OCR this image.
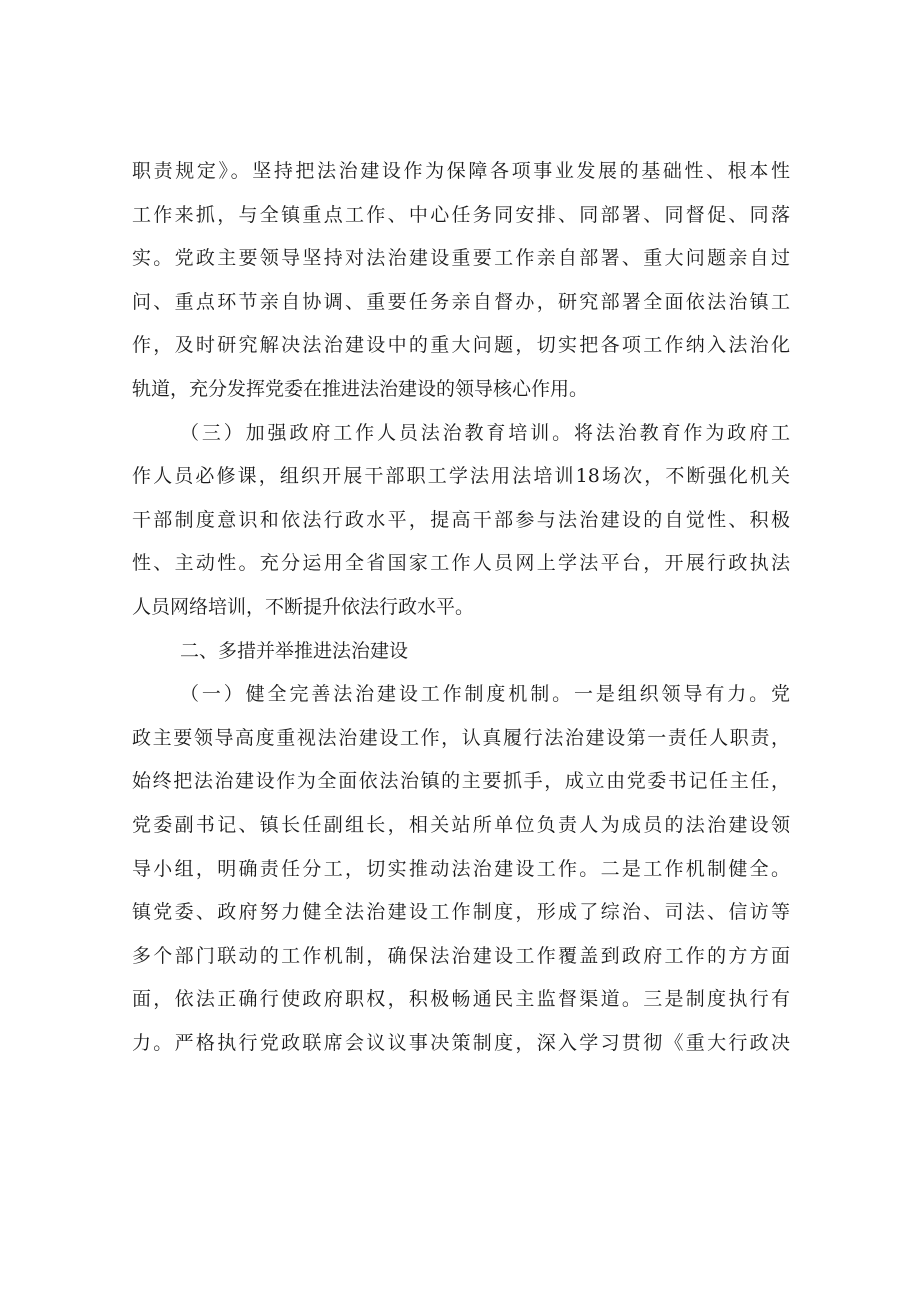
职责规定》。坚持把法治建设作为保障各项事业发展的基础性、根本性
工作来抓，与全镇重点工作、中心任务同安排、同部署、同督促、同落
实。党政主要领导坚持对法治建设重要工作亲自部署、重大问题亲自过
问、重点环节亲自协调、重要任务亲自督办，研究部署全面依法治镇工
作，及时研究解决法治建设中的重大问题，切实把各项工作纳入法治化
轨道，充分发挥党委在推进法治建设的领导核心作用。
（三）加强政府工作人员法治教育培训。将法治教育作为政府工
作人员必修课，组织开展干部职工学法用法培训18场次，不断强化机关
干部制度意识和依法行政水平，提高干部参与法治建设的自觉性、积极
性、主动性。充分运用全省国家工作人员网上学法平台，开展行政执法
人员网络培训，不断提升依法行政水平。
二、多措并举推进法治建设
（一）健全完善法治建设工作制度机制。一是组织领导有力。党
政主要领导高度重视法治建设工作，认真履行法治建设第一责任人职责，
始终把法治建设作为全面依法治镇的主要抓手，成立由党委书记任主任，
党委副书记、镇长任副组长，相关站所单位负责人为成员的法治建设领
导小组，明确责任分工，切实推动法治建设工作。二是工作机制健全。
镇党委、政府努力健全法治建设工作制度，形成了综治、司法、信访等
多个部门联动的工作机制，确保法治建设工作覆盖到政府工作的方方面
面，依法正确行使政府职权，积极畅通民主监督渠道。三是制度执行有
力。严格执行党政联席会议议事决策制度，深入学习贯彻《重大行政决
